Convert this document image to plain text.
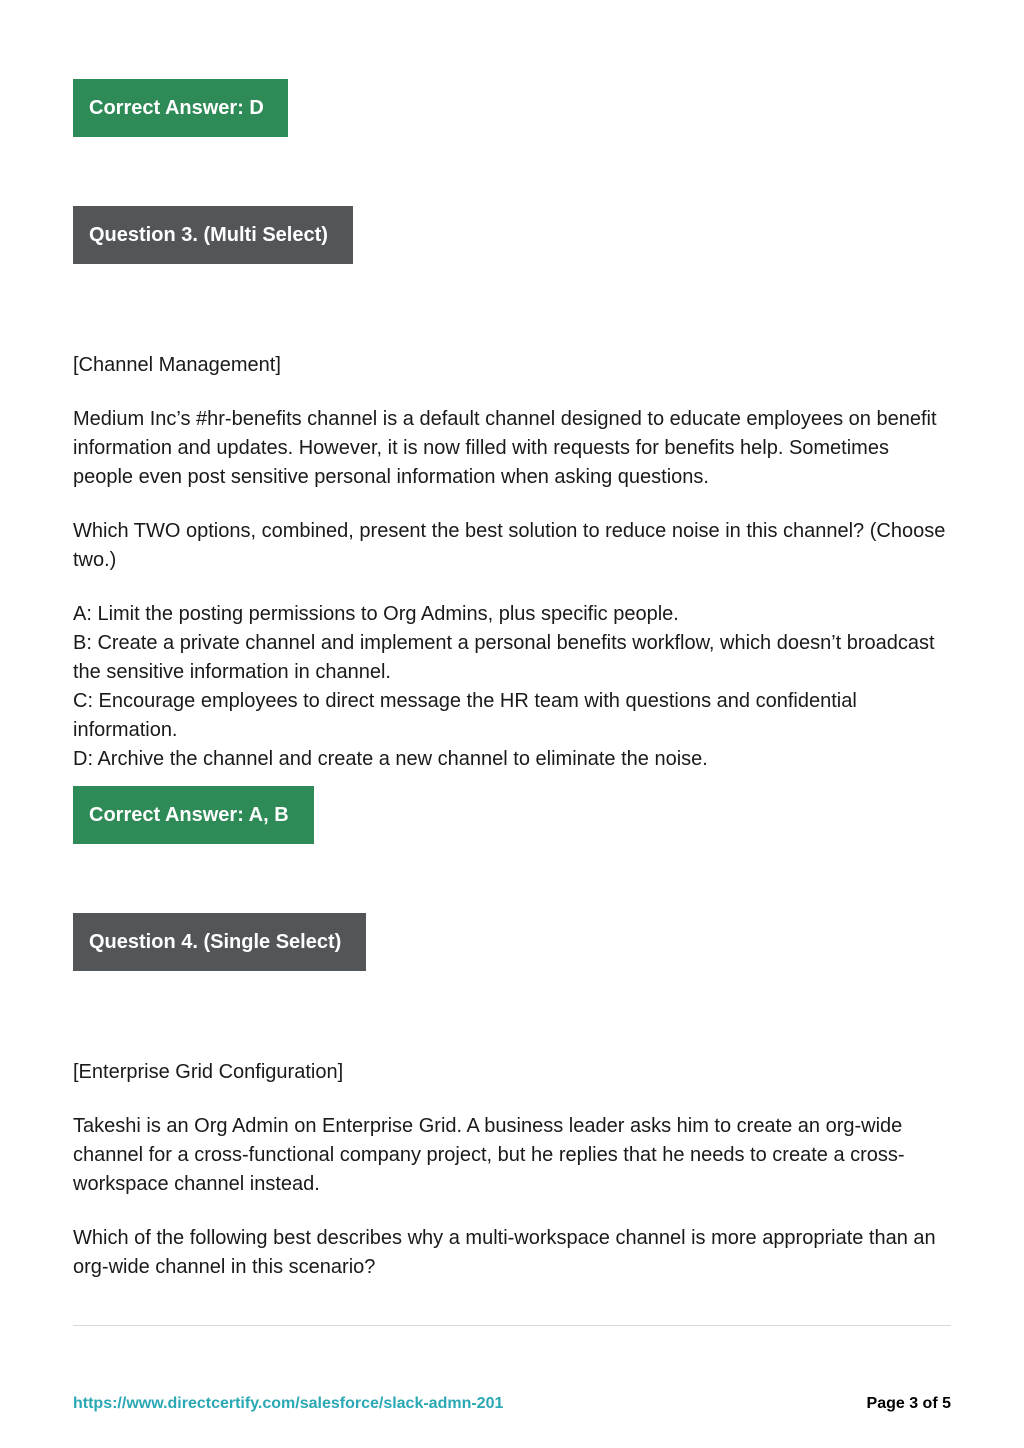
Correct Answer: D
Question 3. (Multi Select)
[Channel Management]
Medium Inc’s #hr-benefits channel is a default channel designed to educate employees on benefit information and updates. However, it is now filled with requests for benefits help. Sometimes people even post sensitive personal information when asking questions.
Which TWO options, combined, present the best solution to reduce noise in this channel? (Choose two.)

A: Limit the posting permissions to Org Admins, plus specific people.

B: Create a private channel and implement a personal benefits workflow, which doesn’t broadcast the sensitive information in channel.

C: Encourage employees to direct message the HR team with questions and confidential information.

D: Archive the channel and create a new channel to eliminate the noise.

Correct Answer: A, B
Question 4. (Single Select)
[Enterprise Grid Configuration]
Takeshi is an Org Admin on Enterprise Grid. A business leader asks him to create an org-wide channel for a cross-functional company project, but he replies that he needs to create a cross-workspace channel instead.
Which of the following best describes why a multi-workspace channel is more appropriate than an org-wide channel in this scenario?
https://www.directcertify.com/salesforce/slack-admn-201	Page 3 of 5
